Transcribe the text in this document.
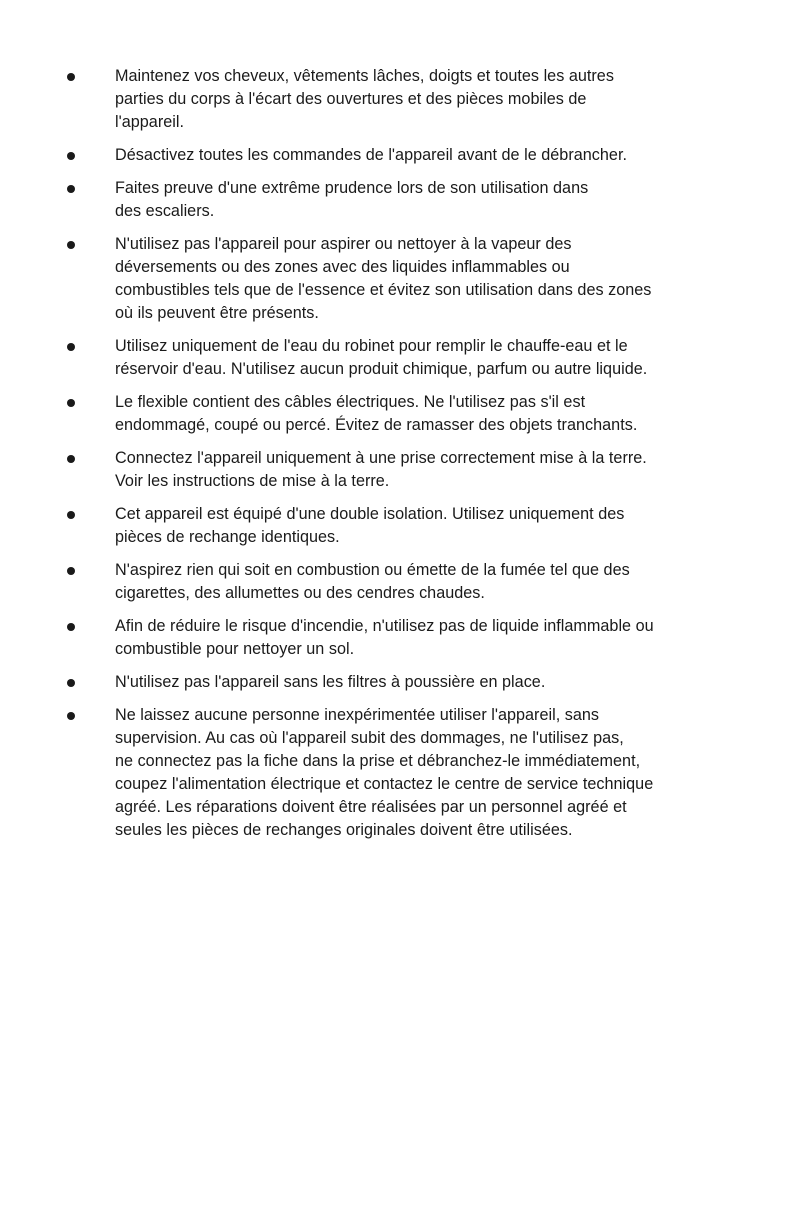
Maintenez vos cheveux, vêtements lâches, doigts et toutes les autres
parties du corps à l'écart des ouvertures et des pièces mobiles de
l'appareil.
Désactivez toutes les commandes de l'appareil avant de le débrancher.
Faites preuve d'une extrême prudence lors de son utilisation dans
des escaliers.
N'utilisez pas l'appareil pour aspirer ou nettoyer à la vapeur des
déversements ou des zones avec des liquides inflammables ou
combustibles tels que de l'essence et évitez son utilisation dans des zones
où ils peuvent être présents.
Utilisez uniquement de l'eau du robinet pour remplir le chauffe-eau et le
réservoir d'eau. N'utilisez aucun produit chimique, parfum ou autre liquide.
Le flexible contient des câbles électriques. Ne l'utilisez pas s'il est
endommagé, coupé ou percé. Évitez de ramasser des objets tranchants.
Connectez l'appareil uniquement à une prise correctement mise à la terre.
Voir les instructions de mise à la terre.
Cet appareil est équipé d'une double isolation. Utilisez uniquement des
pièces de rechange identiques.
N'aspirez rien qui soit en combustion ou émette de la fumée tel que des
cigarettes, des allumettes ou des cendres chaudes.
Afin de réduire le risque d'incendie, n'utilisez pas de liquide inflammable ou
combustible pour nettoyer un sol.
N'utilisez pas l'appareil sans les filtres à poussière en place.
Ne laissez aucune personne inexpérimentée utiliser l'appareil, sans
supervision. Au cas où l'appareil subit des dommages, ne l'utilisez pas,
ne connectez pas la fiche dans la prise et débranchez-le immédiatement,
coupez l'alimentation électrique et contactez le centre de service technique
agréé. Les réparations doivent être réalisées par un personnel agréé et
seules les pièces de rechanges originales doivent être utilisées.
